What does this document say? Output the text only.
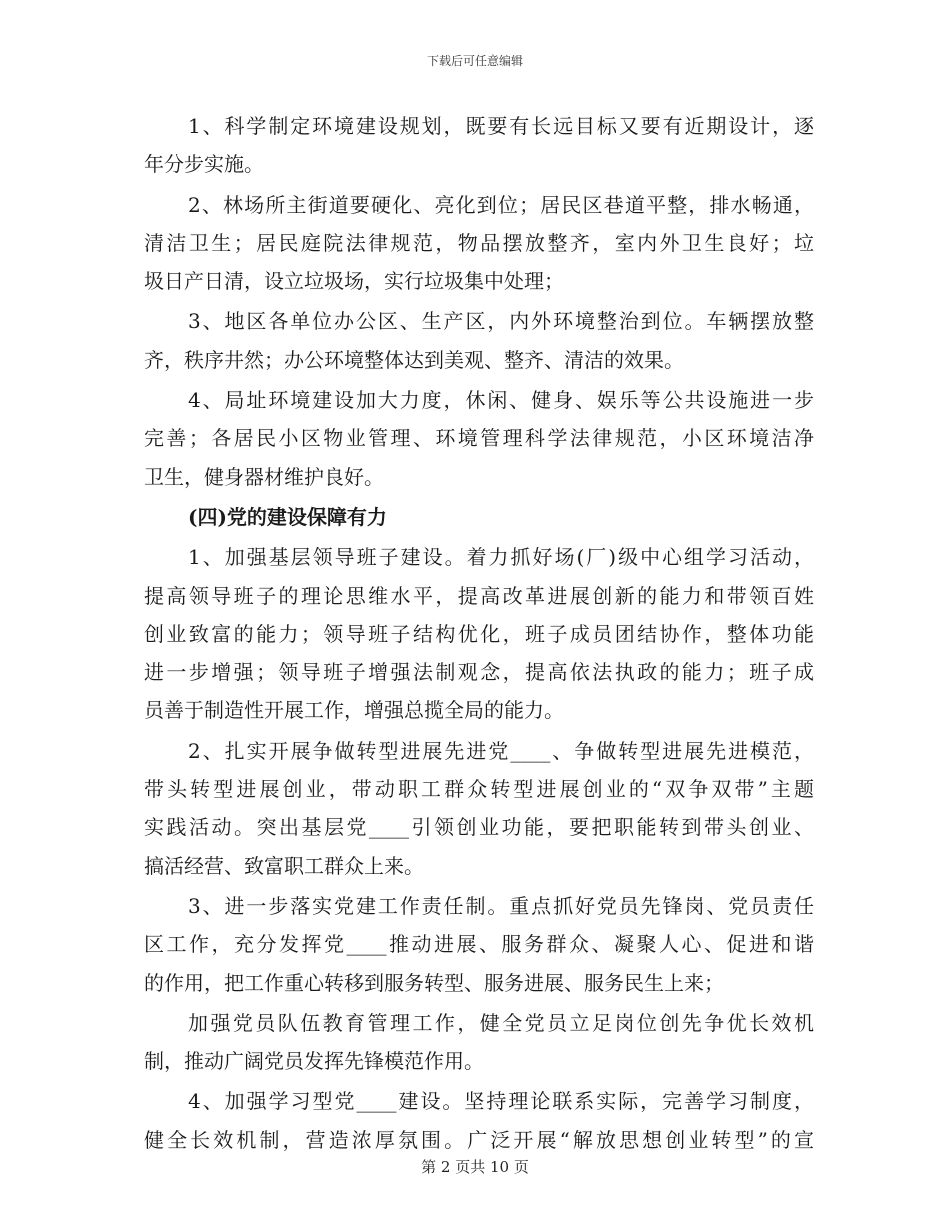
下载后可任意编辑
1、科学制定环境建设规划，既要有长远目标又要有近期设计，逐
年分步实施。
2、林场所主街道要硬化、亮化到位；居民区巷道平整，排水畅通，
清洁卫生；居民庭院法律规范，物品摆放整齐，室内外卫生良好；垃
圾日产日清，设立垃圾场，实行垃圾集中处理；
3、地区各单位办公区、生产区，内外环境整治到位。车辆摆放整
齐，秩序井然；办公环境整体达到美观、整齐、清洁的效果。
4、局址环境建设加大力度，休闲、健身、娱乐等公共设施进一步
完善；各居民小区物业管理、环境管理科学法律规范，小区环境洁净
卫生，健身器材维护良好。
(四)党的建设保障有力
1、加强基层领导班子建设。着力抓好场(厂)级中心组学习活动，
提高领导班子的理论思维水平，提高改革进展创新的能力和带领百姓
创业致富的能力；领导班子结构优化，班子成员团结协作，整体功能
进一步增强；领导班子增强法制观念，提高依法执政的能力；班子成
员善于制造性开展工作，增强总揽全局的能力。
2、扎实开展争做转型进展先进党____、争做转型进展先进模范，
带头转型进展创业，带动职工群众转型进展创业的“双争双带”主题
实践活动。突出基层党____引领创业功能，要把职能转到带头创业、
搞活经营、致富职工群众上来。
3、进一步落实党建工作责任制。重点抓好党员先锋岗、党员责任
区工作，充分发挥党____推动进展、服务群众、凝聚人心、促进和谐
的作用，把工作重心转移到服务转型、服务进展、服务民生上来；
加强党员队伍教育管理工作，健全党员立足岗位创先争优长效机
制，推动广阔党员发挥先锋模范作用。
4、加强学习型党____建设。坚持理论联系实际，完善学习制度，
健全长效机制，营造浓厚氛围。广泛开展“解放思想创业转型”的宣
第 2 页共 10 页
